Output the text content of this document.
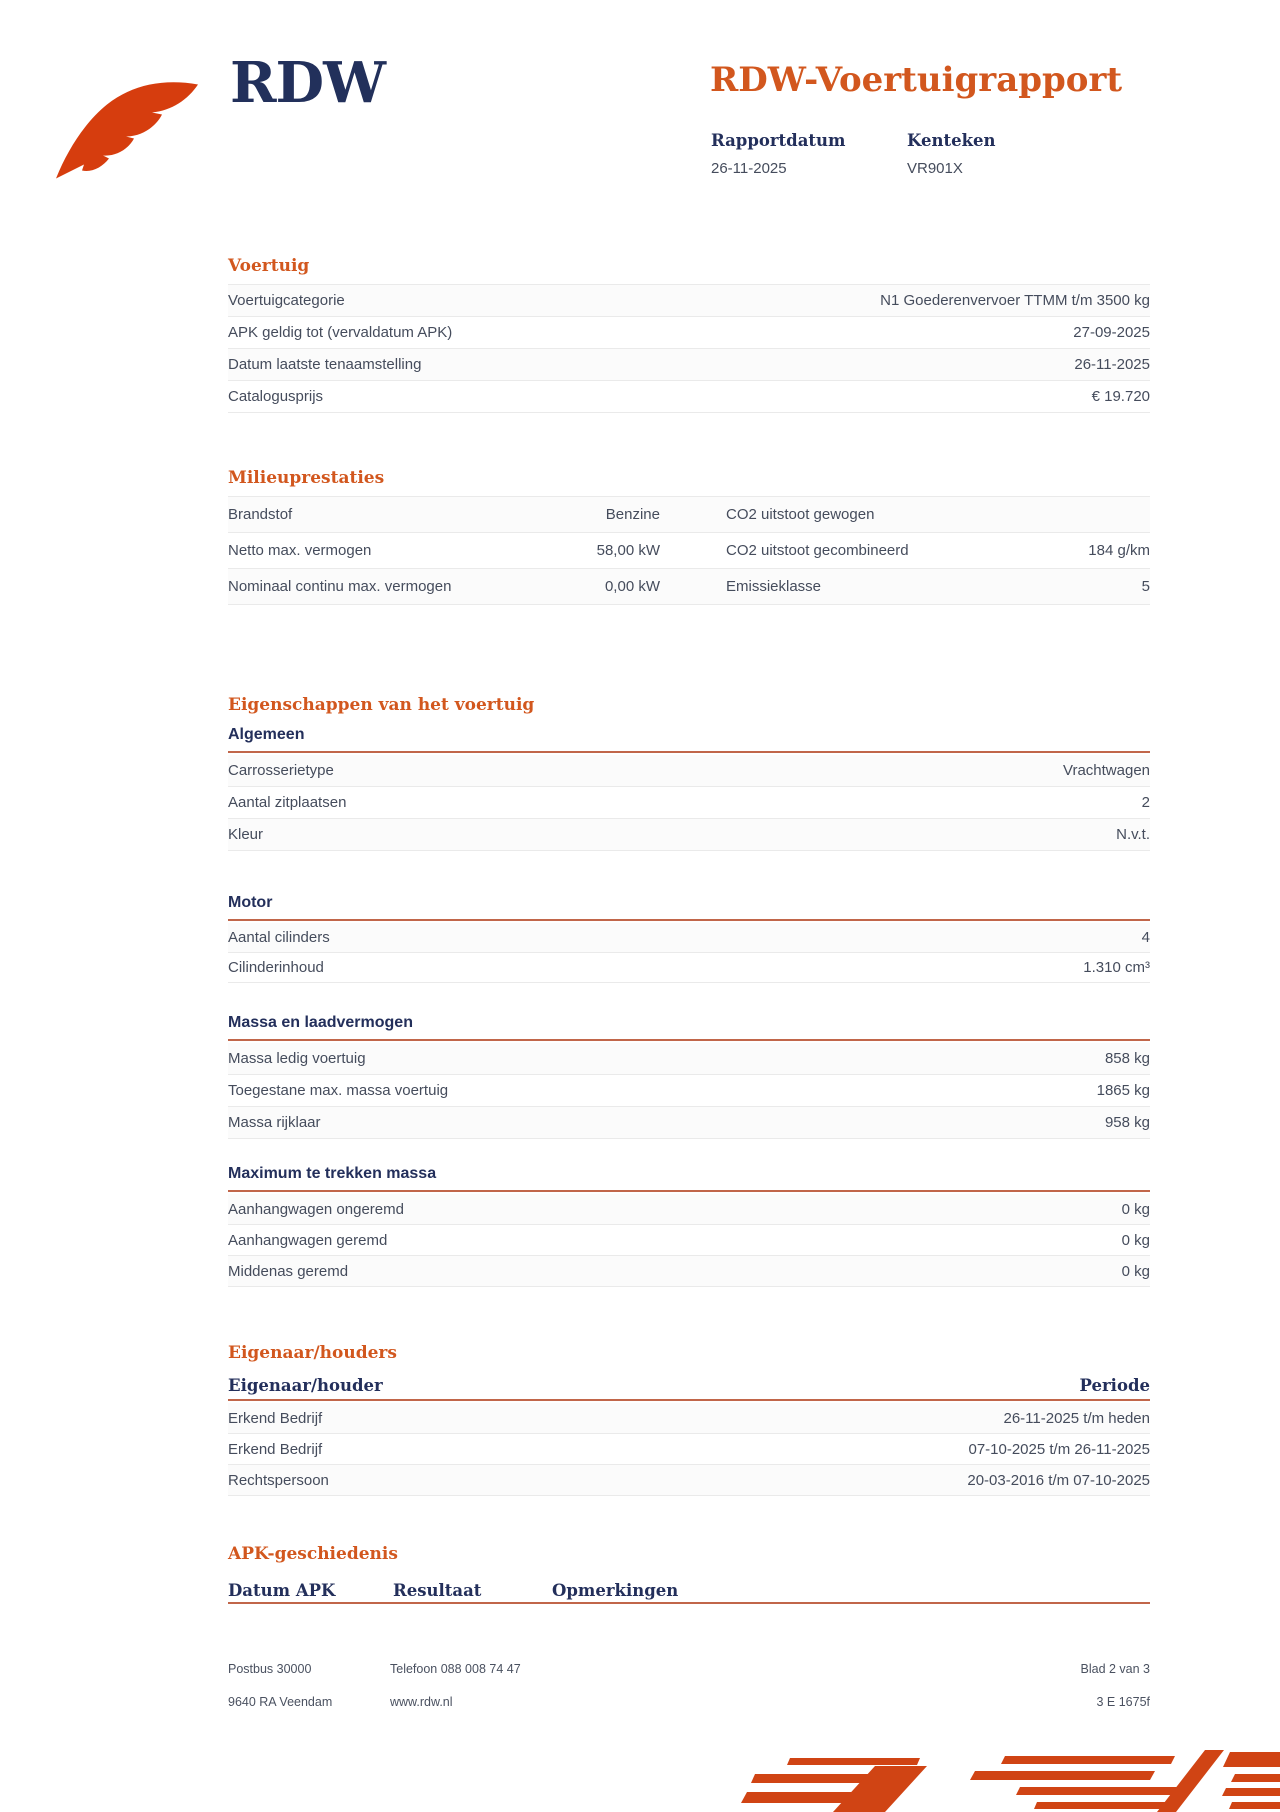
RDW	RDW-Voertuigrapport
Rapportdatum
26-11-2025
Kenteken
VR901X
Voertuig
Voertuigcategorie	N1 Goederenvervoer TTMM t/m 3500 kg
APK geldig tot (vervaldatum APK)	27-09-2025
Datum laatste tenaamstelling	26-11-2025
Catalogusprijs	€ 19.720
Milieuprestaties
Brandstof	Benzine	CO2 uitstoot gewogen
Netto max. vermogen	58,00 kW	CO2 uitstoot gecombineerd	184 g/km
Nominaal continu max. vermogen	0,00 kW	Emissieklasse	5
Eigenschappen van het voertuig
Algemeen
Carrosserietype	Vrachtwagen
Aantal zitplaatsen	2
Kleur	N.v.t.
Motor
Aantal cilinders	4
Cilinderinhoud	1.310 cm³
Massa en laadvermogen
Massa ledig voertuig	858 kg
Toegestane max. massa voertuig	1865 kg
Massa rijklaar	958 kg
Maximum te trekken massa
Aanhangwagen ongeremd	0 kg
Aanhangwagen geremd	0 kg
Middenas geremd	0 kg
Eigenaar/houders
Eigenaar/houder	Periode
Erkend Bedrijf	26-11-2025 t/m heden
Erkend Bedrijf	07-10-2025 t/m 26-11-2025
Rechtspersoon	20-03-2016 t/m 07-10-2025
APK-geschiedenis
Datum APK	Resultaat	Opmerkingen
Postbus 30000	Telefoon 088 008 74 47	Blad 2 van 3
9640 RA Veendam	www.rdw.nl	3 E 1675f
